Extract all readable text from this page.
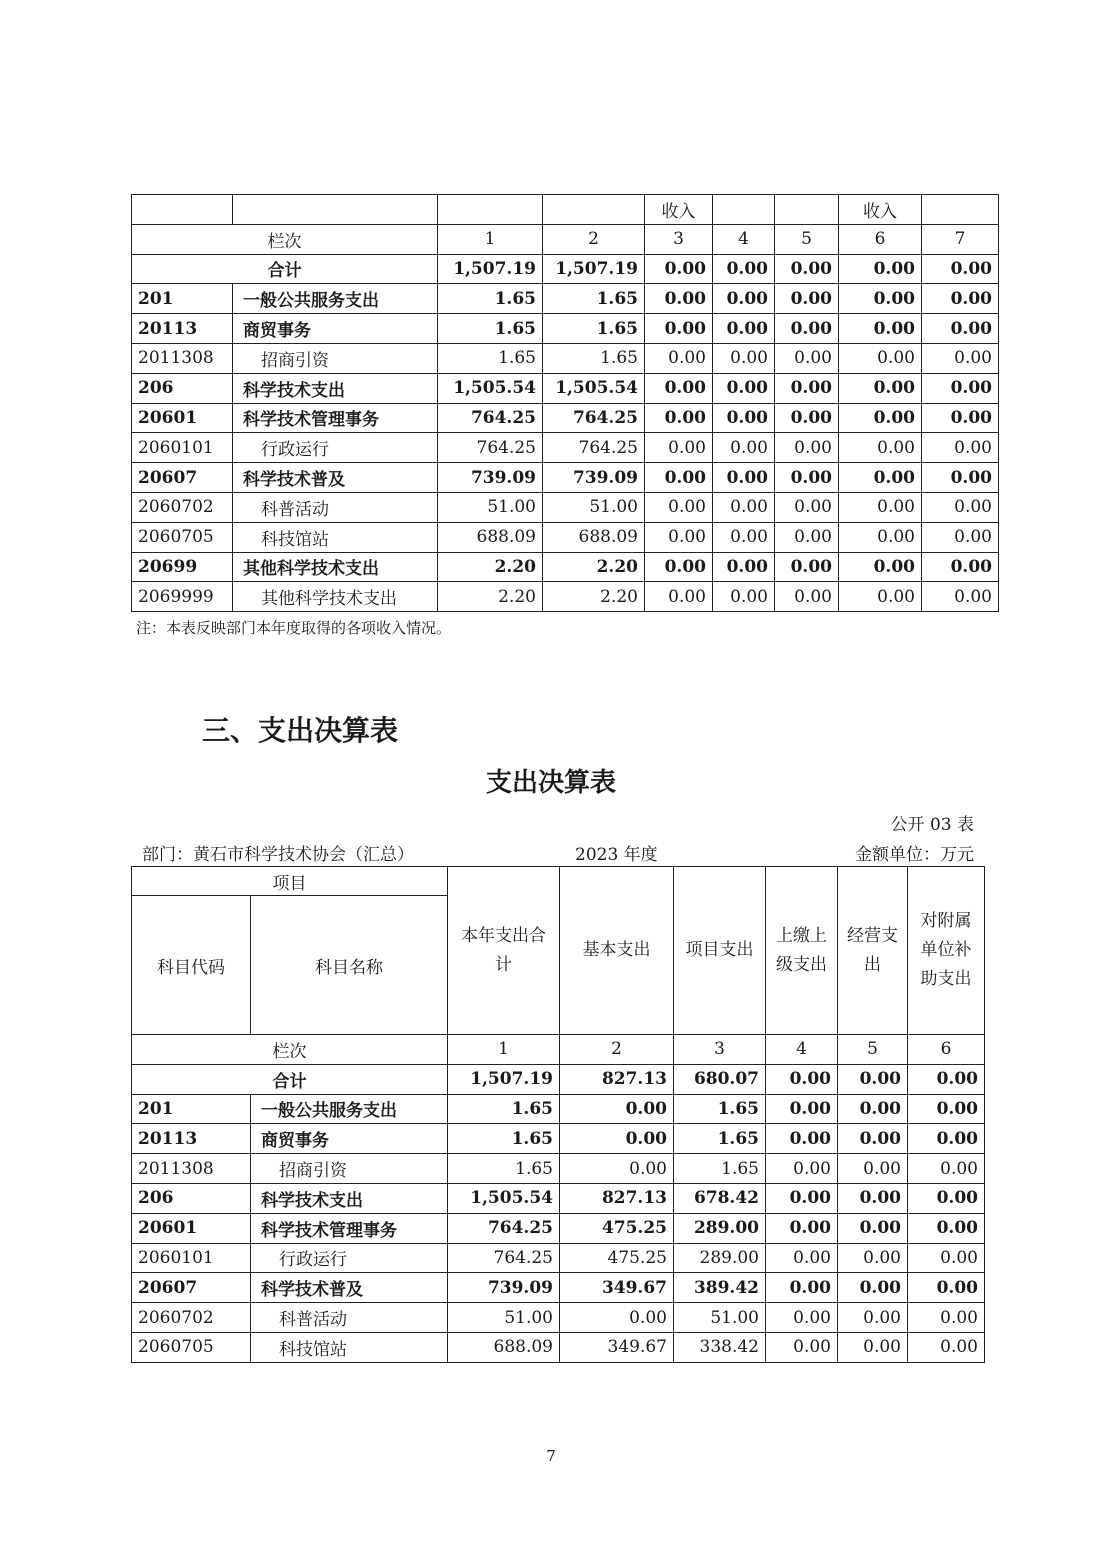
				收入			收入	
栏次		1	2	3	4	5	6	7
合计		1,507.19	1,507.19	0.00	0.00	0.00	0.00	0.00
201	一般公共服务支出	1.65	1.65	0.00	0.00	0.00	0.00	0.00
20113	商贸事务	1.65	1.65	0.00	0.00	0.00	0.00	0.00
2011308	招商引资	1.65	1.65	0.00	0.00	0.00	0.00	0.00
206	科学技术支出	1,505.54	1,505.54	0.00	0.00	0.00	0.00	0.00
20601	科学技术管理事务	764.25	764.25	0.00	0.00	0.00	0.00	0.00
2060101	行政运行	764.25	764.25	0.00	0.00	0.00	0.00	0.00
20607	科学技术普及	739.09	739.09	0.00	0.00	0.00	0.00	0.00
2060702	科普活动	51.00	51.00	0.00	0.00	0.00	0.00	0.00
2060705	科技馆站	688.09	688.09	0.00	0.00	0.00	0.00	0.00
20699	其他科学技术支出	2.20	2.20	0.00	0.00	0.00	0.00	0.00
2069999	其他科学技术支出	2.20	2.20	0.00	0.00	0.00	0.00	0.00
注：本表反映部门本年度取得的各项收入情况。
三、支出决算表
支出决算表
公开 03 表
部门：黄石市科学技术协会（汇总）	2023 年度	金额单位：万元
项目		本年支出合计	基本支出	项目支出	上缴上级支出	经营支出	对附属单位补助支出
科目代码	科目名称						
栏次		1	2	3	4	5	6
合计		1,507.19	827.13	680.07	0.00	0.00	0.00
201	一般公共服务支出	1.65	0.00	1.65	0.00	0.00	0.00
20113	商贸事务	1.65	0.00	1.65	0.00	0.00	0.00
2011308	招商引资	1.65	0.00	1.65	0.00	0.00	0.00
206	科学技术支出	1,505.54	827.13	678.42	0.00	0.00	0.00
20601	科学技术管理事务	764.25	475.25	289.00	0.00	0.00	0.00
2060101	行政运行	764.25	475.25	289.00	0.00	0.00	0.00
20607	科学技术普及	739.09	349.67	389.42	0.00	0.00	0.00
2060702	科普活动	51.00	0.00	51.00	0.00	0.00	0.00
2060705	科技馆站	688.09	349.67	338.42	0.00	0.00	0.00
7
